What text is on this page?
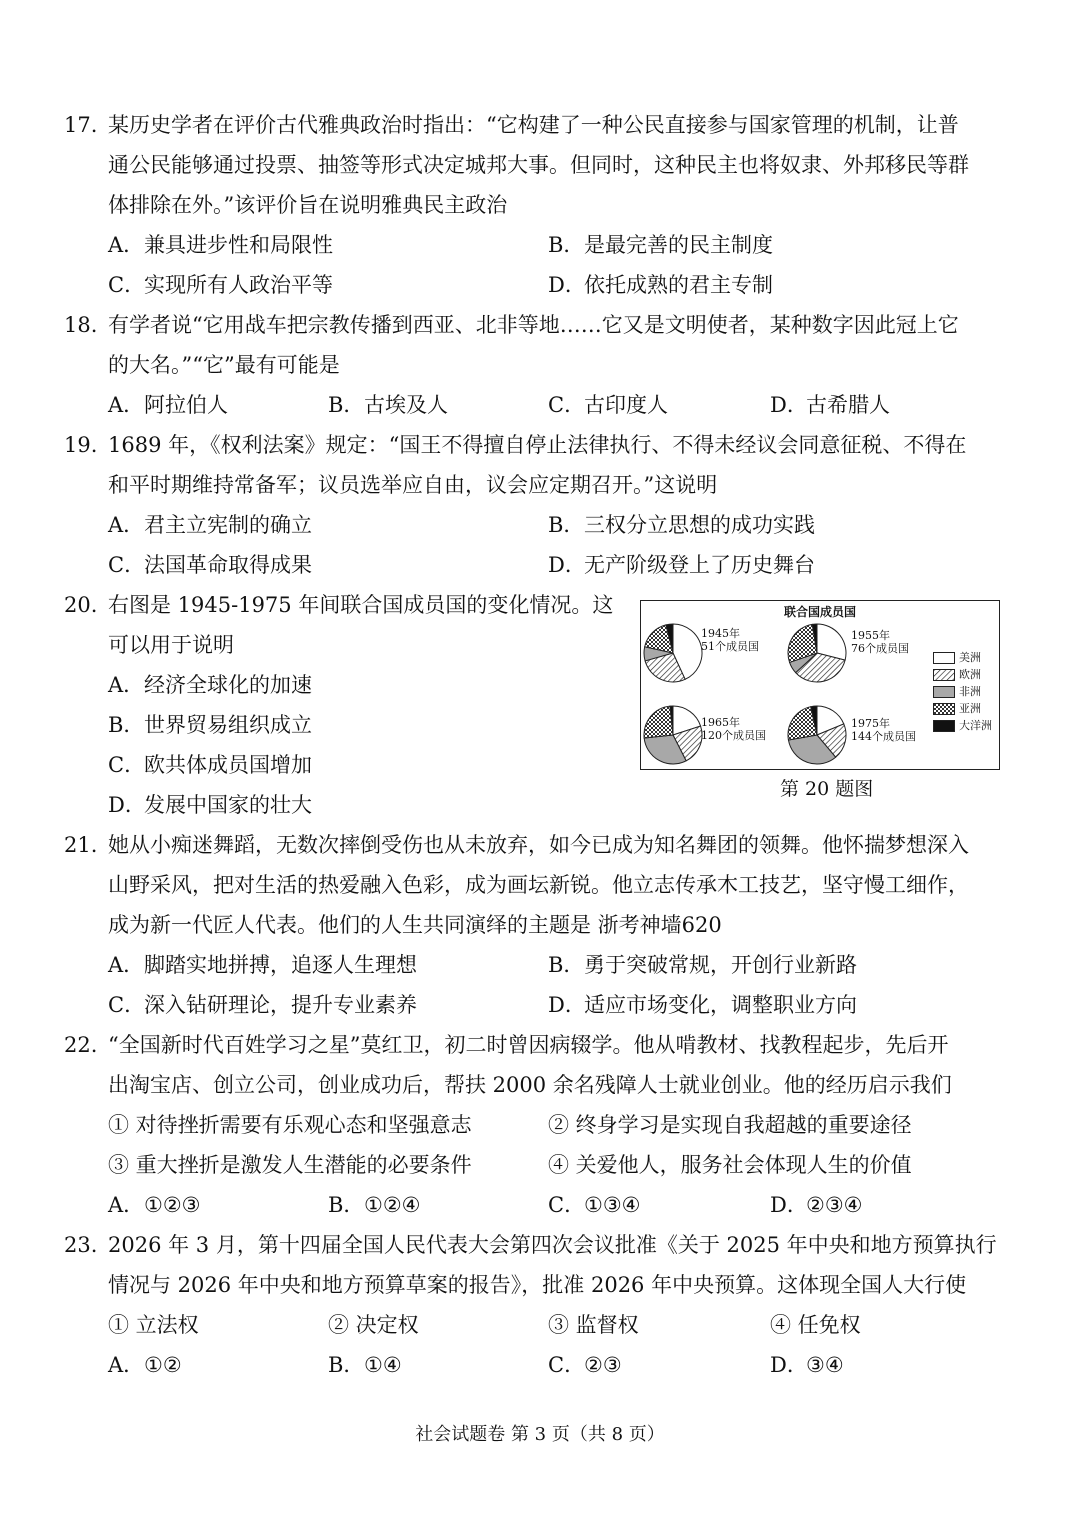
17. 某历史学者在评价古代雅典政治时指出：“它构建了一种公民直接参与国家管理的机制，让普
通公民能够通过投票、抽签等形式决定城邦大事。但同时，这种民主也将奴隶、外邦移民等群
体排除在外。”该评价旨在说明雅典民主政治
A．兼具进步性和局限性	B．是最完善的民主制度
C．实现所有人政治平等	D．依托成熟的君主专制
18. 有学者说“它用战车把宗教传播到西亚、北非等地……它又是文明使者，某种数字因此冠上它
的大名。”“它”最有可能是
A．阿拉伯人	B．古埃及人	C．古印度人	D．古希腊人
19. 1689 年，《权利法案》规定：“国王不得擅自停止法律执行、不得未经议会同意征税、不得在
和平时期维持常备军；议员选举应自由，议会应定期召开。”这说明
A．君主立宪制的确立	B．三权分立思想的成功实践
C．法国革命取得成果	D．无产阶级登上了历史舞台
20. 右图是 1945-1975 年间联合国成员国的变化情况。这
可以用于说明
A．经济全球化的加速
B．世界贸易组织成立
C．欧共体成员国增加
D．发展中国家的壮大
联合国成员国
1945年
51个成员国
1955年
76个成员国
1965年
120个成员国
1975年
144个成员国
美洲
欧洲
非洲
亚洲
大洋洲
第 20 题图
21. 她从小痴迷舞蹈，无数次摔倒受伤也从未放弃，如今已成为知名舞团的领舞。他怀揣梦想深入
山野采风，把对生活的热爱融入色彩，成为画坛新锐。他立志传承木工技艺，坚守慢工细作，
成为新一代匠人代表。他们的人生共同演绎的主题是 浙考神墙620
A．脚踏实地拼搏，追逐人生理想	B．勇于突破常规，开创行业新路
C．深入钻研理论，提升专业素养	D．适应市场变化，调整职业方向
22. “全国新时代百姓学习之星”莫红卫，初二时曾因病辍学。他从啃教材、找教程起步，先后开
出淘宝店、创立公司，创业成功后，帮扶 2000 余名残障人士就业创业。他的经历启示我们
① 对待挫折需要有乐观心态和坚强意志	② 终身学习是实现自我超越的重要途径
③ 重大挫折是激发人生潜能的必要条件	④ 关爱他人，服务社会体现人生的价值
A．①②③	B．①②④	C．①③④	D．②③④
23. 2026 年 3 月，第十四届全国人民代表大会第四次会议批准《关于 2025 年中央和地方预算执行
情况与 2026 年中央和地方预算草案的报告》，批准 2026 年中央预算。这体现全国人大行使
① 立法权	② 决定权	③ 监督权	④ 任免权
A．①②	B．①④	C．②③	D．③④
社会试题卷 第 3 页（共 8 页）
